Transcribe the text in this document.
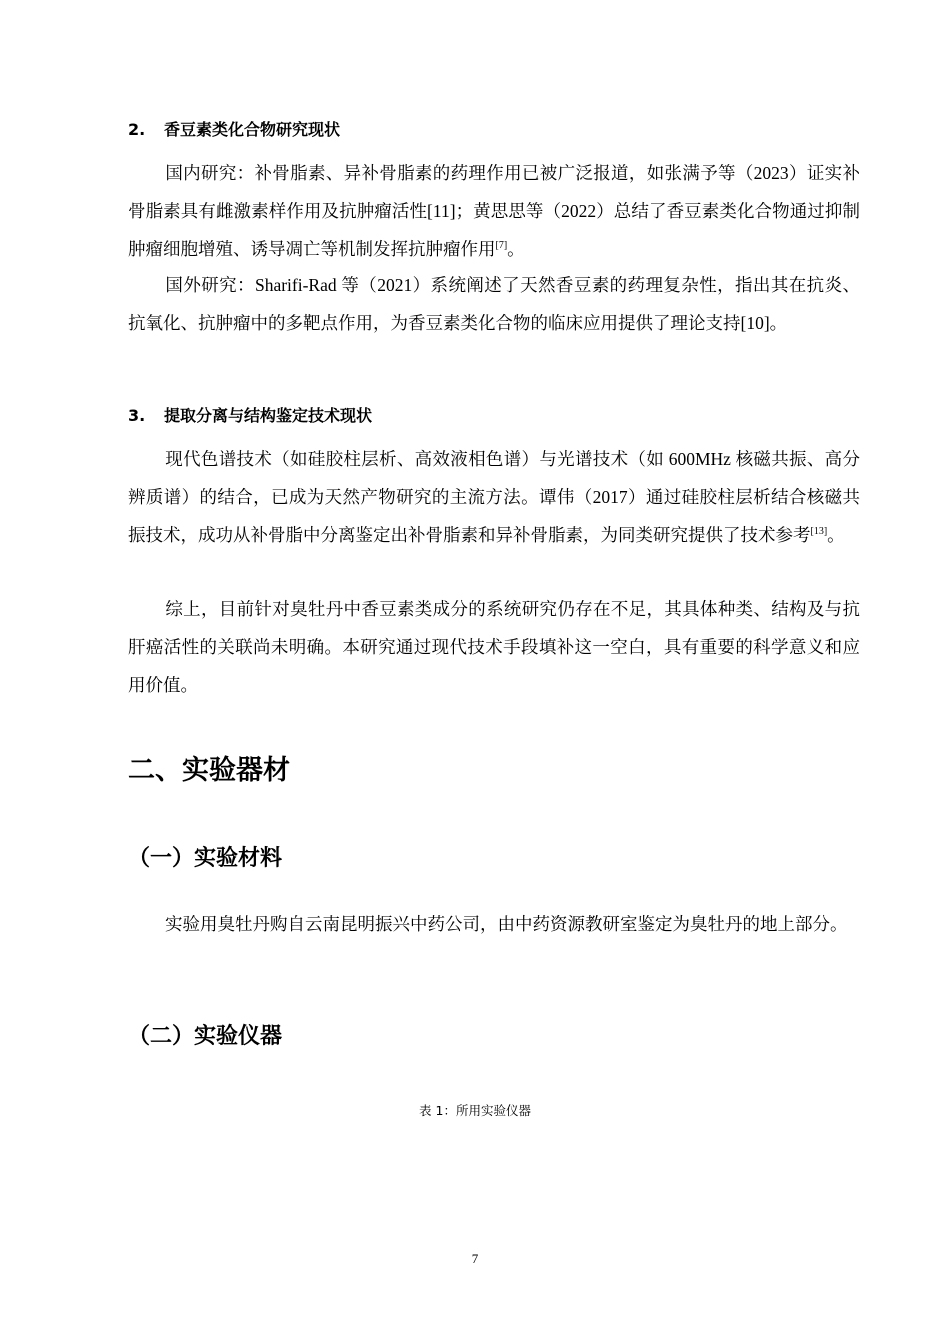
2. 香豆素类化合物研究现状

国内研究：补骨脂素、异补骨脂素的药理作用已被广泛报道，如张满予等（2023）证实补骨脂素具有雌激素样作用及抗肿瘤活性[11]；黄思思等（2022）总结了香豆素类化合物通过抑制肿瘤细胞增殖、诱导凋亡等机制发挥抗肿瘤作用[7]。

国外研究：Sharifi-Rad 等（2021）系统阐述了天然香豆素的药理复杂性，指出其在抗炎、抗氧化、抗肿瘤中的多靶点作用，为香豆素类化合物的临床应用提供了理论支持[10]。

3. 提取分离与结构鉴定技术现状

现代色谱技术（如硅胶柱层析、高效液相色谱）与光谱技术（如 600MHz 核磁共振、高分辨质谱）的结合，已成为天然产物研究的主流方法。谭伟（2017）通过硅胶柱层析结合核磁共振技术，成功从补骨脂中分离鉴定出补骨脂素和异补骨脂素，为同类研究提供了技术参考[13]。

综上，目前针对臭牡丹中香豆素类成分的系统研究仍存在不足，其具体种类、结构及与抗肝癌活性的关联尚未明确。本研究通过现代技术手段填补这一空白，具有重要的科学意义和应用价值。

二、实验器材
（一）实验材料

实验用臭牡丹购自云南昆明振兴中药公司，由中药资源教研室鉴定为臭牡丹的地上部分。

（二）实验仪器
表 1：所用实验仪器
7
